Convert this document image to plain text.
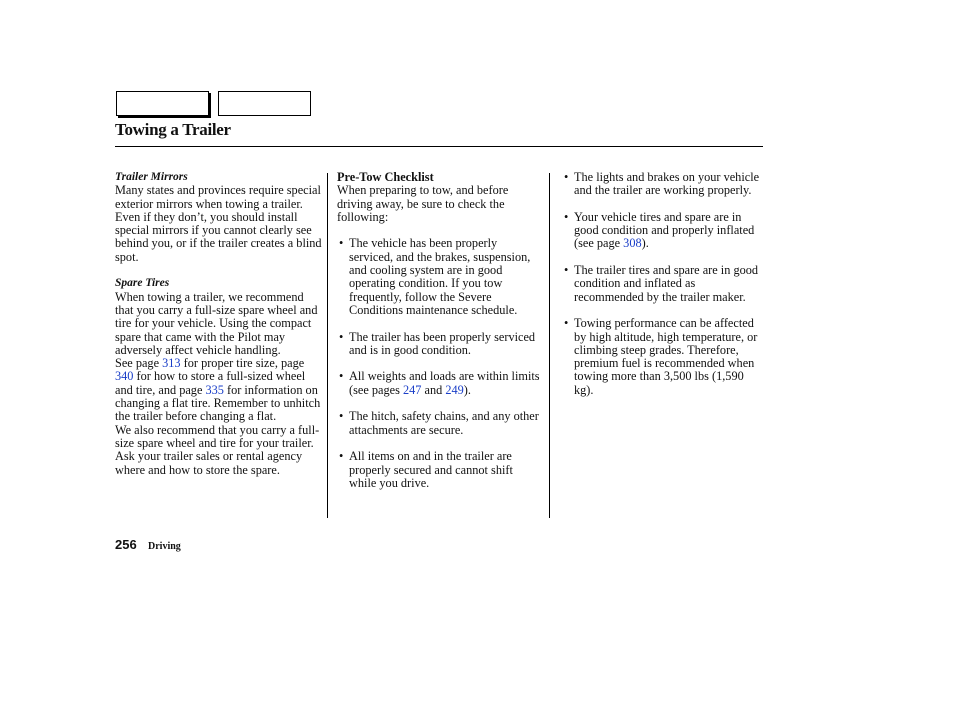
Towing a Trailer
Trailer Mirrors
Many states and provinces require special exterior mirrors when towing a trailer. Even if they don’t, you should install special mirrors if you cannot clearly see behind you, or if the trailer creates a blind spot.
Spare Tires
When towing a trailer, we recommend that you carry a full-size spare wheel and tire for your vehicle. Using the compact spare that came with the Pilot may adversely affect vehicle handling.
See page 313 for proper tire size, page 340 for how to store a full-sized wheel and tire, and page 335 for information on changing a flat tire. Remember to unhitch the trailer before changing a flat.
We also recommend that you carry a full-size spare wheel and tire for your trailer. Ask your trailer sales or rental agency where and how to store the spare.
Pre-Tow Checklist
When preparing to tow, and before driving away, be sure to check the following:
• The vehicle has been properly serviced, and the brakes, suspension, and cooling system are in good operating condition. If you tow frequently, follow the Severe Conditions maintenance schedule.
• The trailer has been properly serviced and is in good condition.
• All weights and loads are within limits (see pages 247 and 249).
• The hitch, safety chains, and any other attachments are secure.
• All items on and in the trailer are properly secured and cannot shift while you drive.
• The lights and brakes on your vehicle and the trailer are working properly.
• Your vehicle tires and spare are in good condition and properly inflated (see page 308).
• The trailer tires and spare are in good condition and inflated as recommended by the trailer maker.
• Towing performance can be affected by high altitude, high temperature, or climbing steep grades. Therefore, premium fuel is recommended when towing more than 3,500 lbs (1,590 kg).
256 Driving
